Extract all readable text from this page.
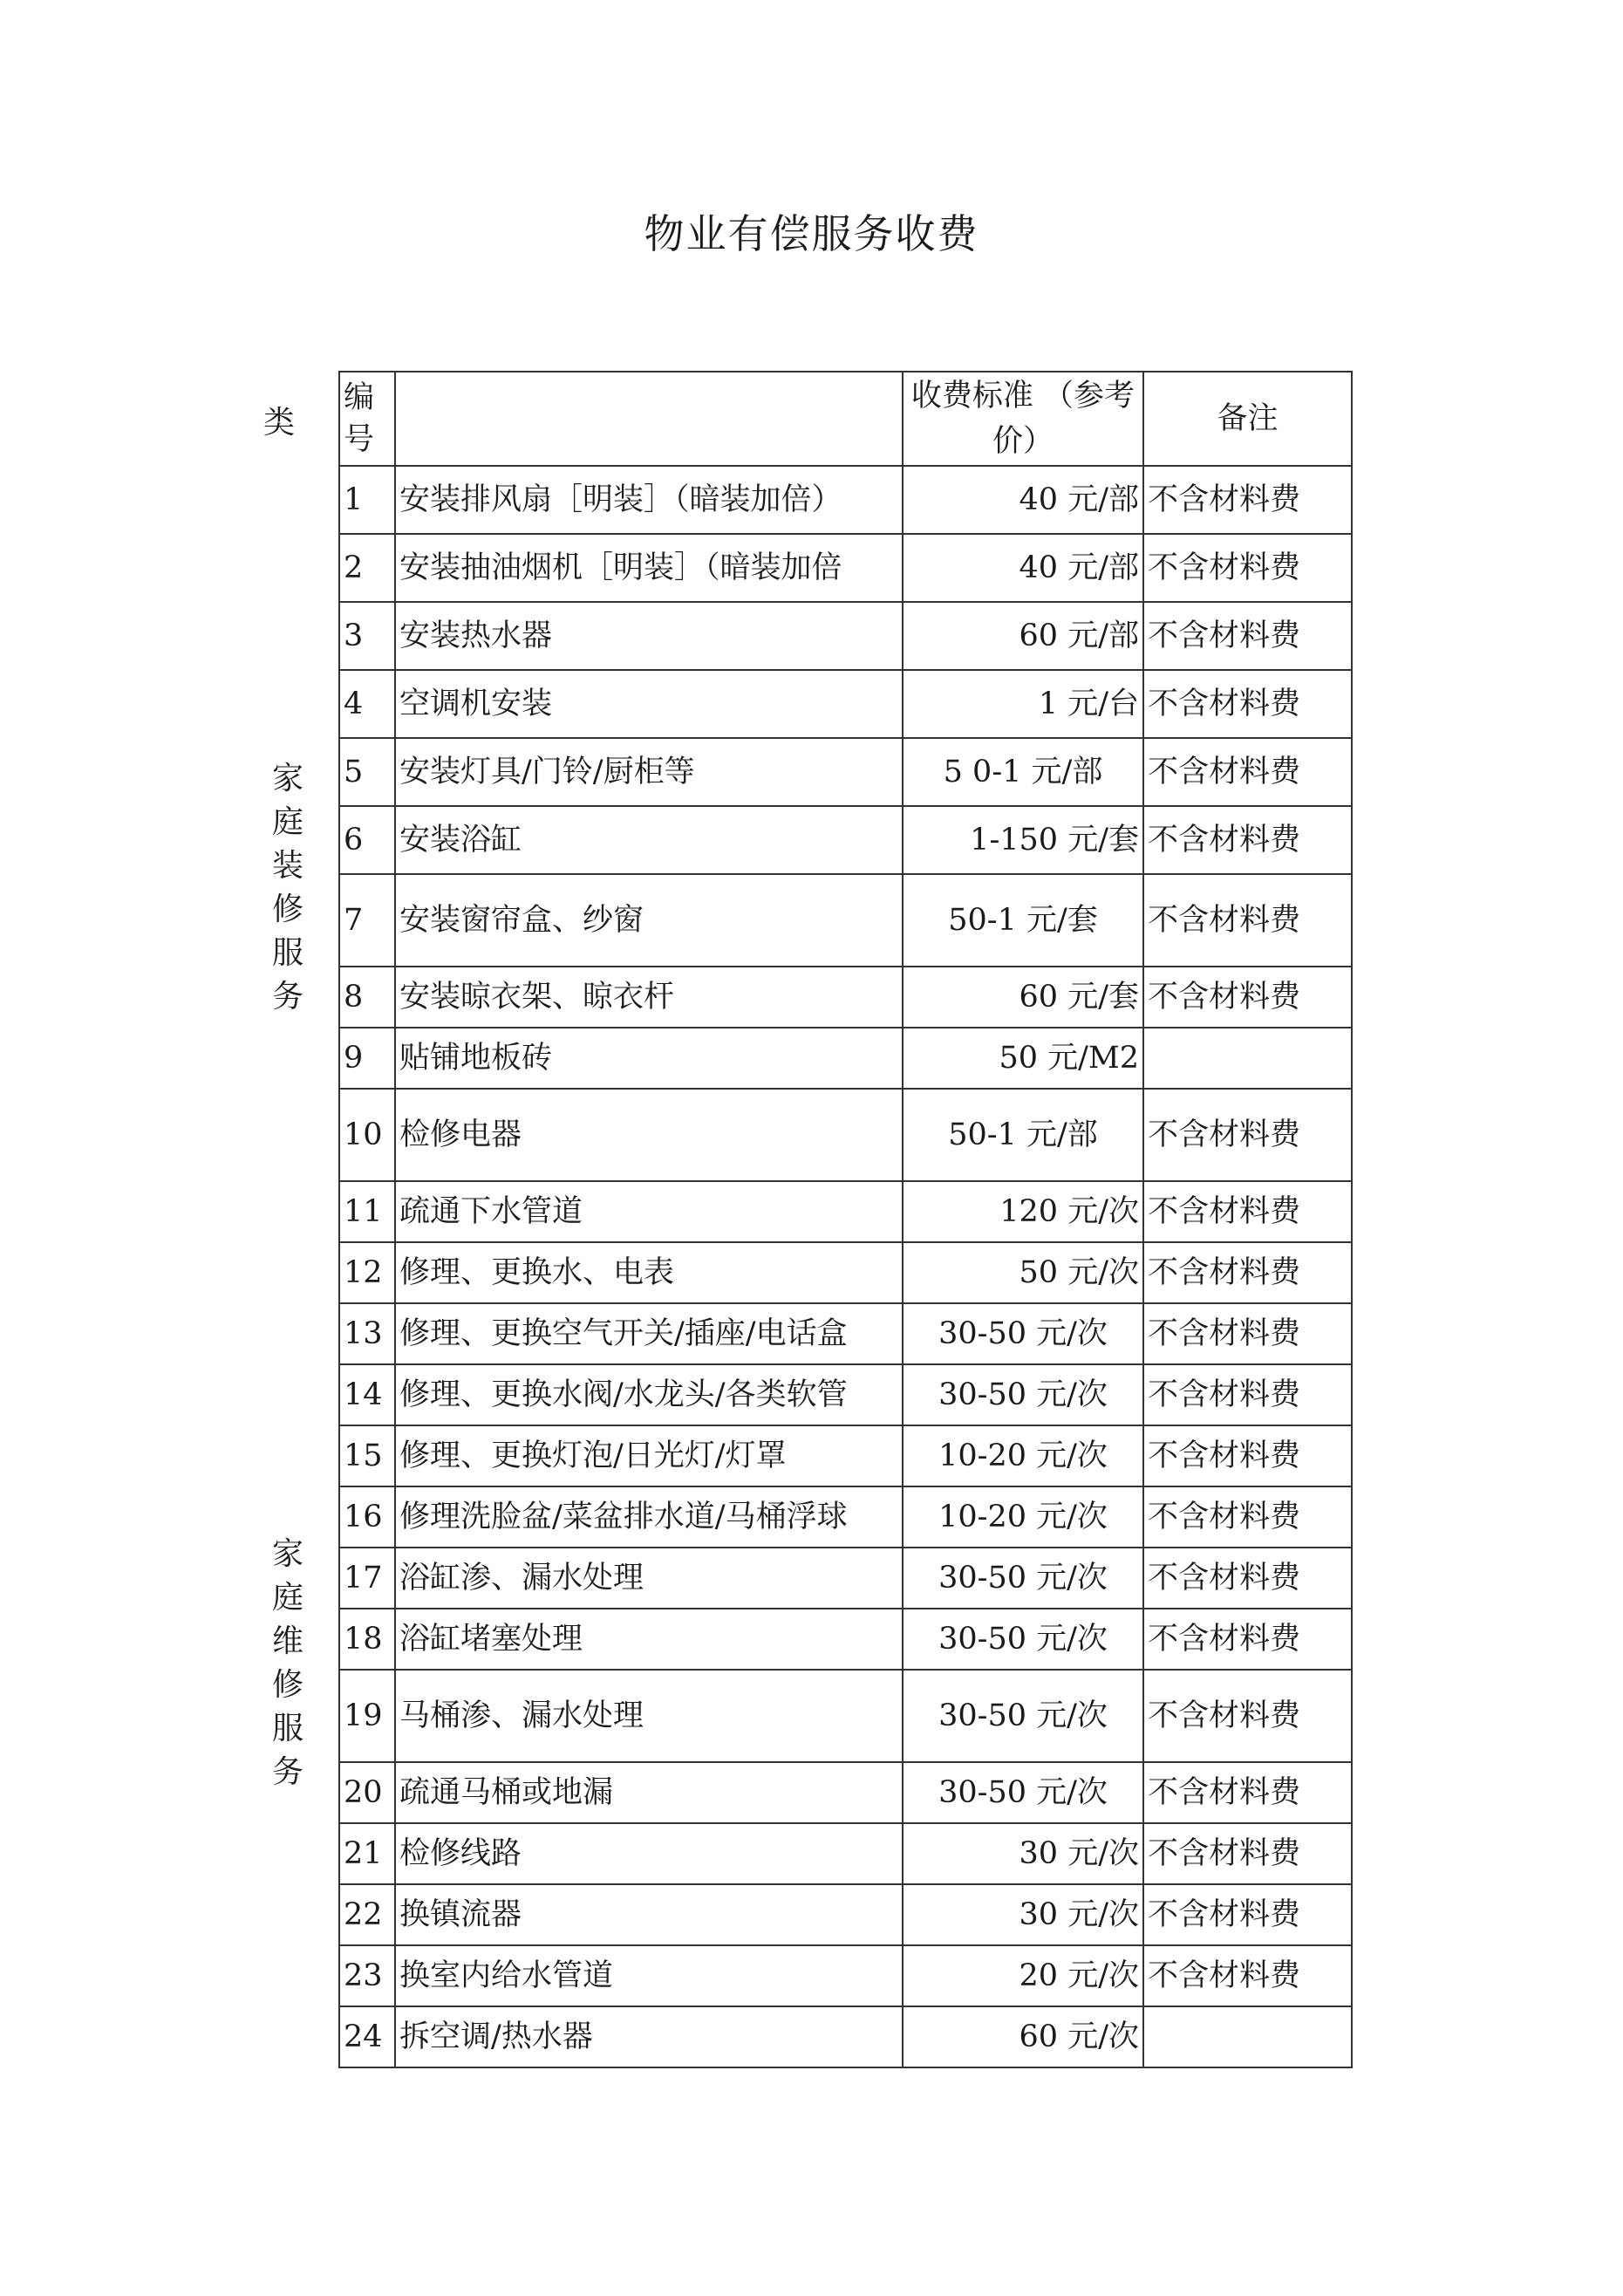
物业有偿服务收费
类
家
庭
装
修
服
务
家
庭
维
修
服
务
编号		收费标准 （参考价）	备注
1	安装排风扇［明装］（暗装加倍）	40 元/部	不含材料费
2	安装抽油烟机［明装］（暗装加倍	40 元/部	不含材料费
3	安装热水器	60 元/部	不含材料费
4	空调机安装	1 元/台	不含材料费
5	安装灯具/门铃/厨柜等	5 0-1 元/部	不含材料费
6	安装浴缸	1-150 元/套	不含材料费
7	安装窗帘盒、纱窗	50-1 元/套	不含材料费
8	安装晾衣架、晾衣杆	60 元/套	不含材料费
9	贴铺地板砖	50 元/M2	
10	检修电器	50-1 元/部	不含材料费
11	疏通下水管道	120 元/次	不含材料费
12	修理、更换水、电表	50 元/次	不含材料费
13	修理、更换空气开关/插座/电话盒	30-50 元/次	不含材料费
14	修理、更换水阀/水龙头/各类软管	30-50 元/次	不含材料费
15	修理、更换灯泡/日光灯/灯罩	10-20 元/次	不含材料费
16	修理洗脸盆/菜盆排水道/马桶浮球	10-20 元/次	不含材料费
17	浴缸渗、漏水处理	30-50 元/次	不含材料费
18	浴缸堵塞处理	30-50 元/次	不含材料费
19	马桶渗、漏水处理	30-50 元/次	不含材料费
20	疏通马桶或地漏	30-50 元/次	不含材料费
21	检修线路	30 元/次	不含材料费
22	换镇流器	30 元/次	不含材料费
23	换室内给水管道	20 元/次	不含材料费
24	拆空调/热水器	60 元/次	
